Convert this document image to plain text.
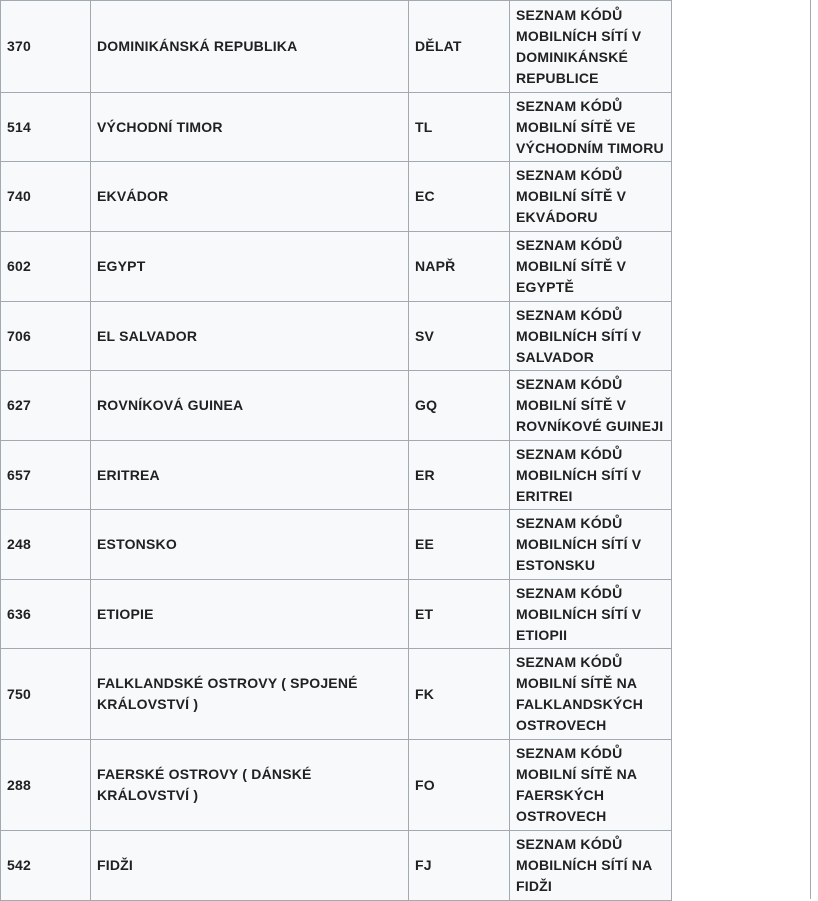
370	DOMINIKÁNSKÁ REPUBLIKA	DĚLAT	SEZNAM KÓDŮ MOBILNÍCH SÍTÍ V DOMINIKÁNSKÉ REPUBLICE
514	VÝCHODNÍ TIMOR	TL	SEZNAM KÓDŮ MOBILNÍ SÍTĚ VE VÝCHODNÍM TIMORU
740	EKVÁDOR	EC	SEZNAM KÓDŮ MOBILNÍ SÍTĚ V EKVÁDORU
602	EGYPT	NAPŘ	SEZNAM KÓDŮ MOBILNÍ SÍTĚ V EGYPTĚ
706	EL SALVADOR	SV	SEZNAM KÓDŮ MOBILNÍCH SÍTÍ V SALVADOR
627	ROVNÍKOVÁ GUINEA	GQ	SEZNAM KÓDŮ MOBILNÍ SÍTĚ V ROVNÍKOVÉ GUINEJI
657	ERITREA	ER	SEZNAM KÓDŮ MOBILNÍCH SÍTÍ V ERITREI
248	ESTONSKO	EE	SEZNAM KÓDŮ MOBILNÍCH SÍTÍ V ESTONSKU
636	ETIOPIE	ET	SEZNAM KÓDŮ MOBILNÍCH SÍTÍ V ETIOPII
750	FALKLANDSKÉ OSTROVY ( SPOJENÉ KRÁLOVSTVÍ )	FK	SEZNAM KÓDŮ MOBILNÍ SÍTĚ NA FALKLANDSKÝCH OSTROVECH
288	FAERSKÉ OSTROVY ( DÁNSKÉ KRÁLOVSTVÍ )	FO	SEZNAM KÓDŮ MOBILNÍ SÍTĚ NA FAERSKÝCH OSTROVECH
542	FIDŽI	FJ	SEZNAM KÓDŮ MOBILNÍCH SÍTÍ NA FIDŽI
